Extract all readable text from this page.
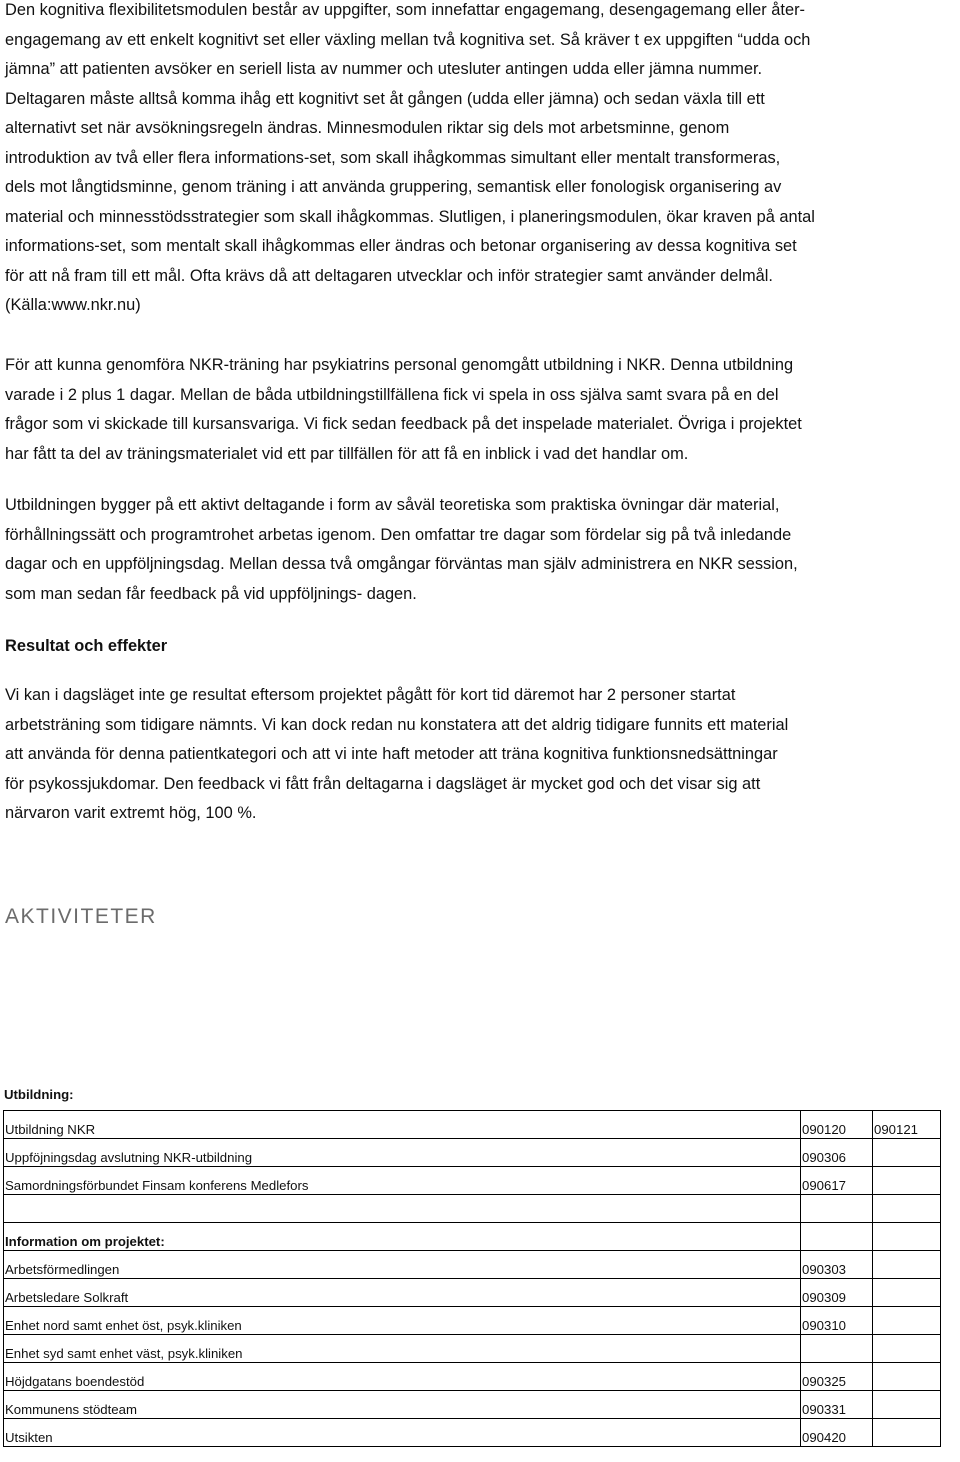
Den kognitiva flexibilitetsmodulen består av uppgifter, som innefattar engagemang, desengagemang eller åter-
engagemang av ett enkelt kognitivt set eller växling mellan två kognitiva set. Så kräver t ex uppgiften “udda och
jämna” att patienten avsöker en seriell lista av nummer och utesluter antingen udda eller jämna nummer.
Deltagaren måste alltså komma ihåg ett kognitivt set åt gången (udda eller jämna) och sedan växla till ett
alternativt set när avsökningsregeln ändras. Minnesmodulen riktar sig dels mot arbetsminne, genom
introduktion av två eller flera informations-set, som skall ihågkommas simultant eller mentalt transformeras,
dels mot långtidsminne, genom träning i att använda gruppering, semantisk eller fonologisk organisering av
material och minnesstödsstrategier som skall ihågkommas. Slutligen, i planeringsmodulen, ökar kraven på antal
informations-set, som mentalt skall ihågkommas eller ändras och betonar organisering av dessa kognitiva set
för att nå fram till ett mål. Ofta krävs då att deltagaren utvecklar och inför strategier samt använder delmål.
(Källa:www.nkr.nu)
För att kunna genomföra NKR-träning har psykiatrins personal genomgått utbildning i NKR. Denna utbildning
varade i 2 plus 1 dagar. Mellan de båda utbildningstillfällena fick vi spela in oss själva samt svara på en del
frågor som vi skickade till kursansvariga. Vi fick sedan feedback på det inspelade materialet. Övriga i projektet
har fått ta del av träningsmaterialet vid ett par tillfällen för att få en inblick i vad det handlar om.
Utbildningen bygger på ett aktivt deltagande i form av såväl teoretiska som praktiska övningar där material,
förhållningssätt och programtrohet arbetas igenom. Den omfattar tre dagar som fördelar sig på två inledande
dagar och en uppföljningsdag. Mellan dessa två omgångar förväntas man själv administrera en NKR session,
som man sedan får feedback på vid uppföljnings- dagen.
Resultat och effekter
Vi kan i dagsläget inte ge resultat eftersom projektet pågått för kort tid däremot har 2 personer startat
arbetsträning som tidigare nämnts. Vi kan dock redan nu konstatera att det aldrig tidigare funnits ett material
att använda för denna patientkategori och att vi inte haft metoder att träna kognitiva funktionsnedsättningar
för psykossjukdomar. Den feedback vi fått från deltagarna i dagsläget är mycket god och det visar sig att
närvaron varit extremt hög, 100 %.
AKTIVITETER
Utbildning:
Utbildning NKR	090120	090121
Uppföjningsdag avslutning NKR-utbildning	090306	
Samordningsförbundet Finsam konferens Medlefors	090617	

Information om projektet:		
Arbetsförmedlingen	090303	
Arbetsledare Solkraft	090309	
Enhet nord samt enhet öst, psyk.kliniken	090310	
Enhet syd samt enhet väst, psyk.kliniken		
Höjdgatans boendestöd	090325	
Kommunens stödteam	090331	
Utsikten	090420	
